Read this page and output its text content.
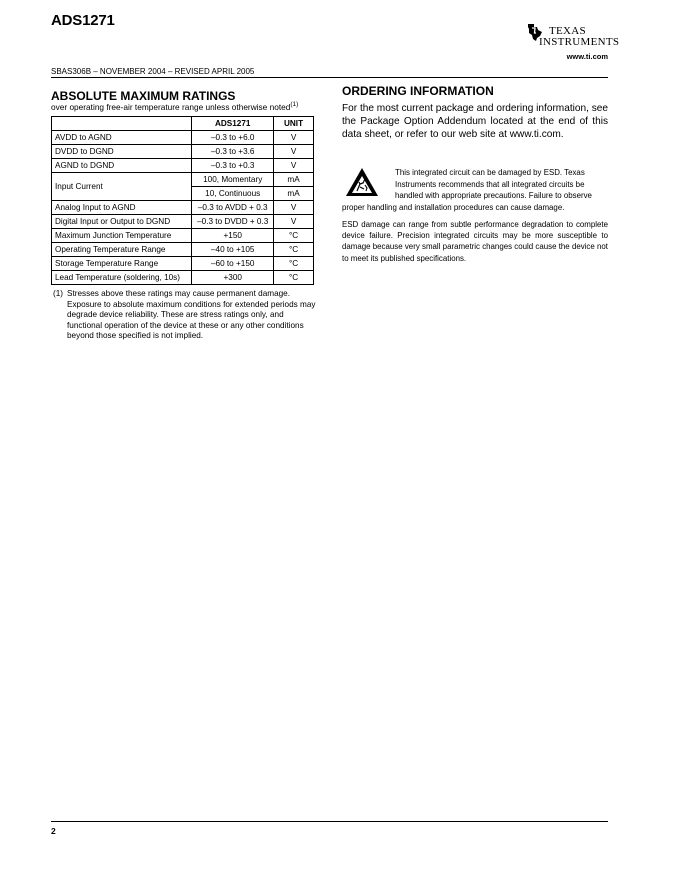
ADS1271
TEXAS
INSTRUMENTS
www.ti.com
SBAS306B – NOVEMBER 2004 – REVISED APRIL 2005
ABSOLUTE MAXIMUM RATINGS
over operating free-air temperature range unless otherwise noted$^{(1)}$
	ADS1271	UNIT
AVDD to AGND	–0.3 to +6.0	V
DVDD to DGND	–0.3 to +3.6	V
AGND to DGND	–0.3 to +0.3	V
Input Current	100, Momentary	mA
	10, Continuous	mA
Analog Input to AGND	–0.3 to AVDD + 0.3	V
Digital Input or Output to DGND	–0.3 to DVDD + 0.3	V
Maximum Junction Temperature	+150	°C
Operating Temperature Range	–40 to +105	°C
Storage Temperature Range	–60 to +150	°C
Lead Temperature (soldering, 10s)	+300	°C
(1) Stresses above these ratings may cause permanent damage. Exposure to absolute maximum conditions for extended periods may degrade device reliability. These are stress ratings only, and functional operation of the device at these or any other conditions beyond those specified is not implied.
ORDERING INFORMATION
For the most current package and ordering information, see the Package Option Addendum located at the end of this data sheet, or refer to our web site at www.ti.com.
This integrated circuit can be damaged by ESD. Texas
Instruments recommends that all integrated circuits be
handled with appropriate precautions. Failure to observe
proper handling and installation procedures can cause damage.
ESD damage can range from subtle performance degradation to complete device failure. Precision integrated circuits may be more susceptible to damage because very small parametric changes could cause the device not to meet its published specifications.
2
